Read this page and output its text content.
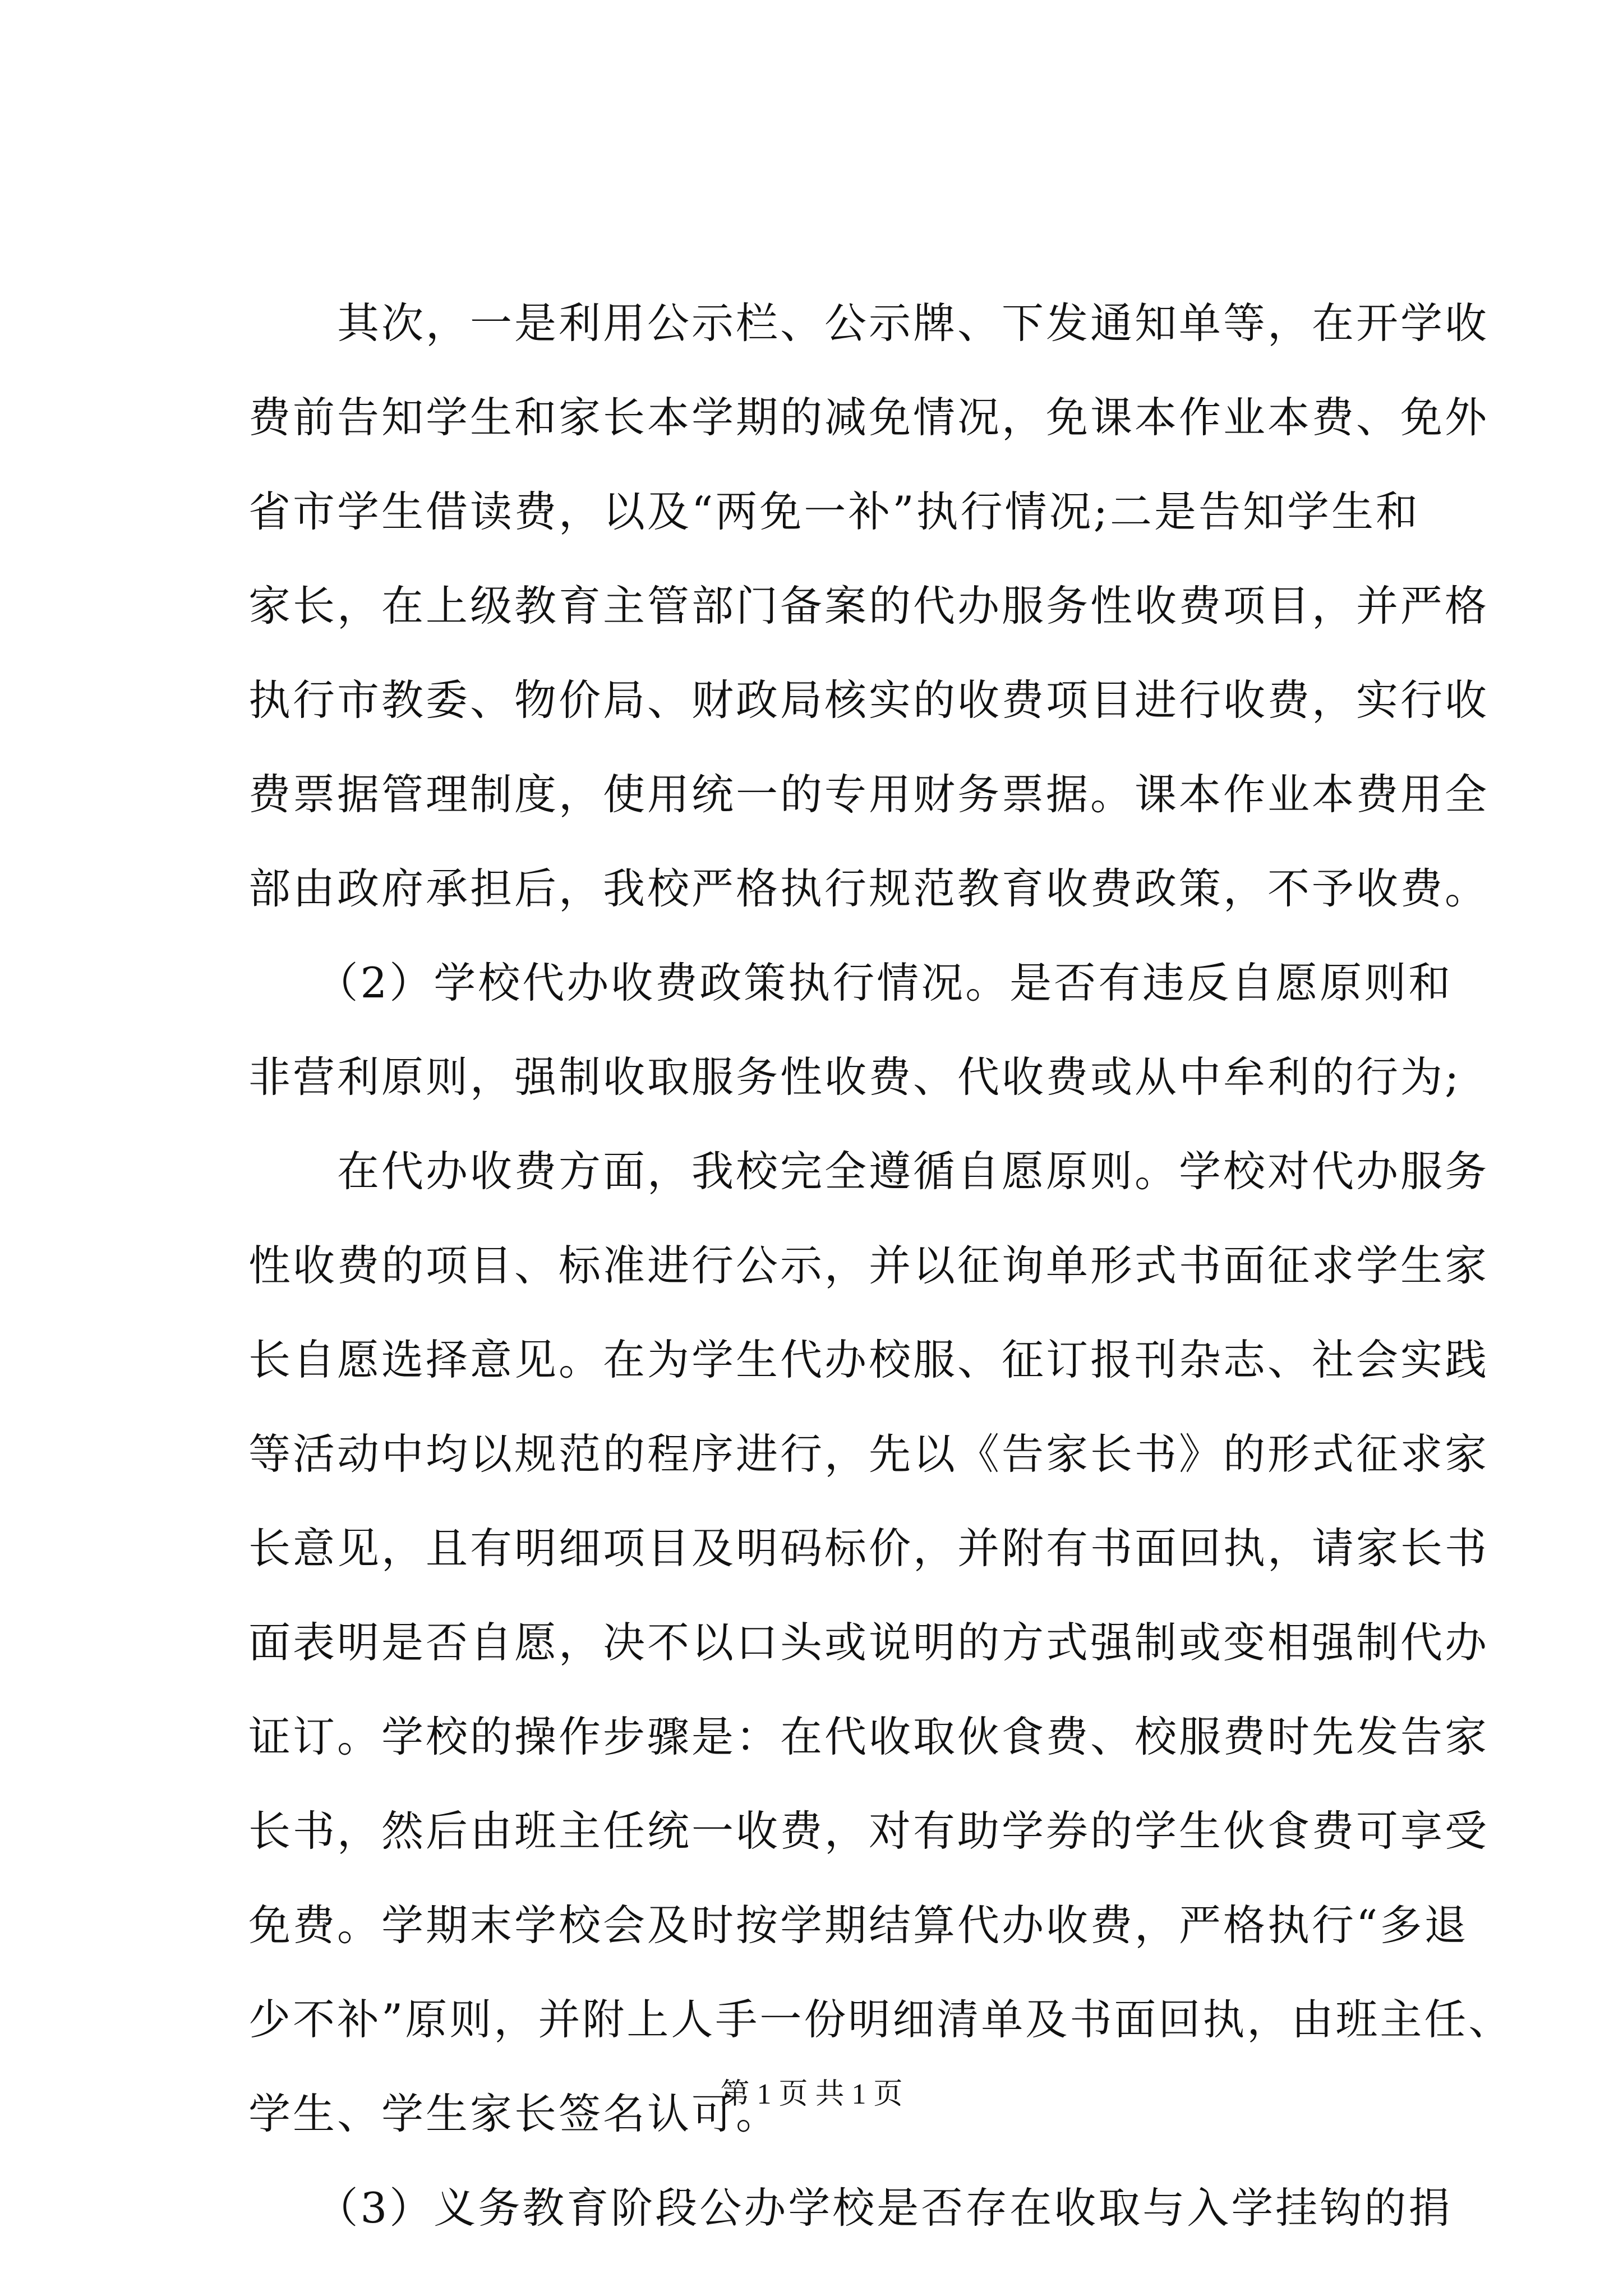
　　其次，一是利用公示栏、公示牌、下发通知单等，在开学收
费前告知学生和家长本学期的减免情况，免课本作业本费、免外
省市学生借读费，以及“两免一补”执行情况;二是告知学生和
家长，在上级教育主管部门备案的代办服务性收费项目，并严格
执行市教委、物价局、财政局核实的收费项目进行收费，实行收
费票据管理制度，使用统一的专用财务票据。课本作业本费用全
部由政府承担后，我校严格执行规范教育收费政策，不予收费。
　　（2）学校代办收费政策执行情况。是否有违反自愿原则和
非营利原则，强制收取服务性收费、代收费或从中牟利的行为;
　　在代办收费方面，我校完全遵循自愿原则。学校对代办服务
性收费的项目、标准进行公示，并以征询单形式书面征求学生家
长自愿选择意见。在为学生代办校服、征订报刊杂志、社会实践
等活动中均以规范的程序进行，先以《告家长书》的形式征求家
长意见，且有明细项目及明码标价，并附有书面回执，请家长书
面表明是否自愿，决不以口头或说明的方式强制或变相强制代办
证订。学校的操作步骤是：在代收取伙食费、校服费时先发告家
长书，然后由班主任统一收费，对有助学券的学生伙食费可享受
免费。学期末学校会及时按学期结算代办收费，严格执行“多退
少不补”原则，并附上人手一份明细清单及书面回执，由班主任、
学生、学生家长签名认可。
　　（3）义务教育阶段公办学校是否存在收取与入学挂钩的捐
第 1 页 共 1 页
